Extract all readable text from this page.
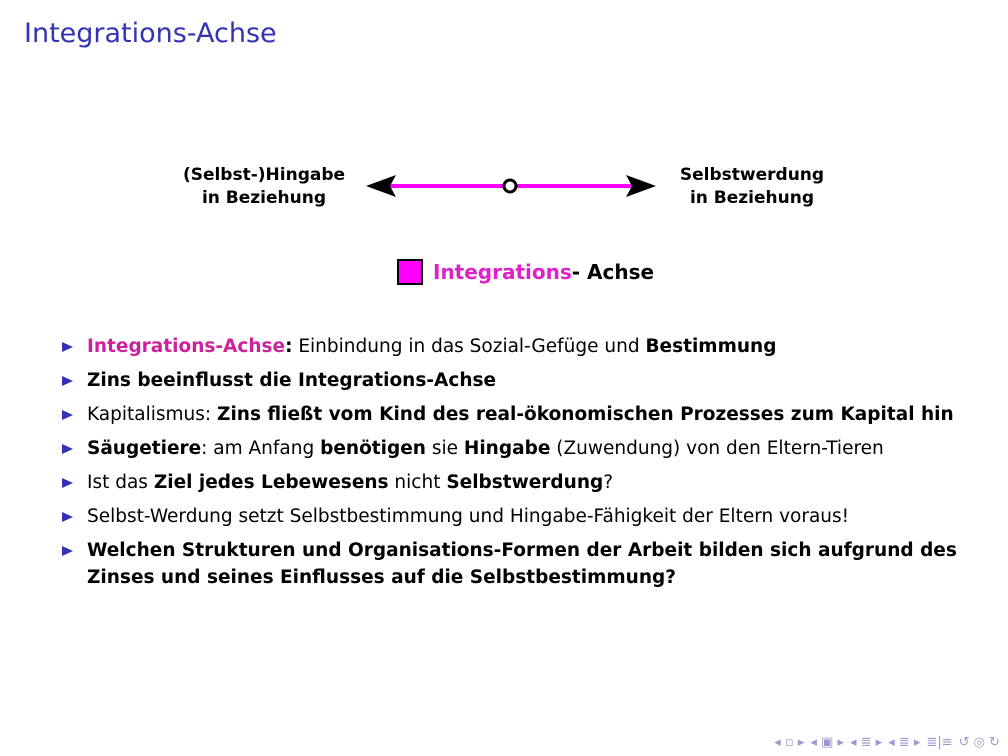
Integrations-Achse
(Selbst-)Hingabe
in Beziehung
Selbstwerdung
in Beziehung
Integrations - Achse
Integrations-Achse: Einbindung in das Sozial-Gefüge und Bestimmung
Zins beeinflusst die Integrations-Achse
Kapitalismus: Zins fließt vom Kind des real-ökonomischen Prozesses zum Kapital hin
Säugetiere: am Anfang benötigen sie Hingabe (Zuwendung) von den Eltern-Tieren
Ist das Ziel jedes Lebewesens nicht Selbstwerdung?
Selbst-Werdung setzt Selbstbestimmung und Hingabe-Fähigkeit der Eltern voraus!
Welchen Strukturen und Organisations-Formen der Arbeit bilden sich aufgrund des Zinses und seines Einflusses auf die Selbstbestimmung?
◂ ▫ ▸ ◂ ▣ ▸ ◂ ≣ ▸ ◂ ≣ ▸ ≣|≡ ↺ ◎ ↻
